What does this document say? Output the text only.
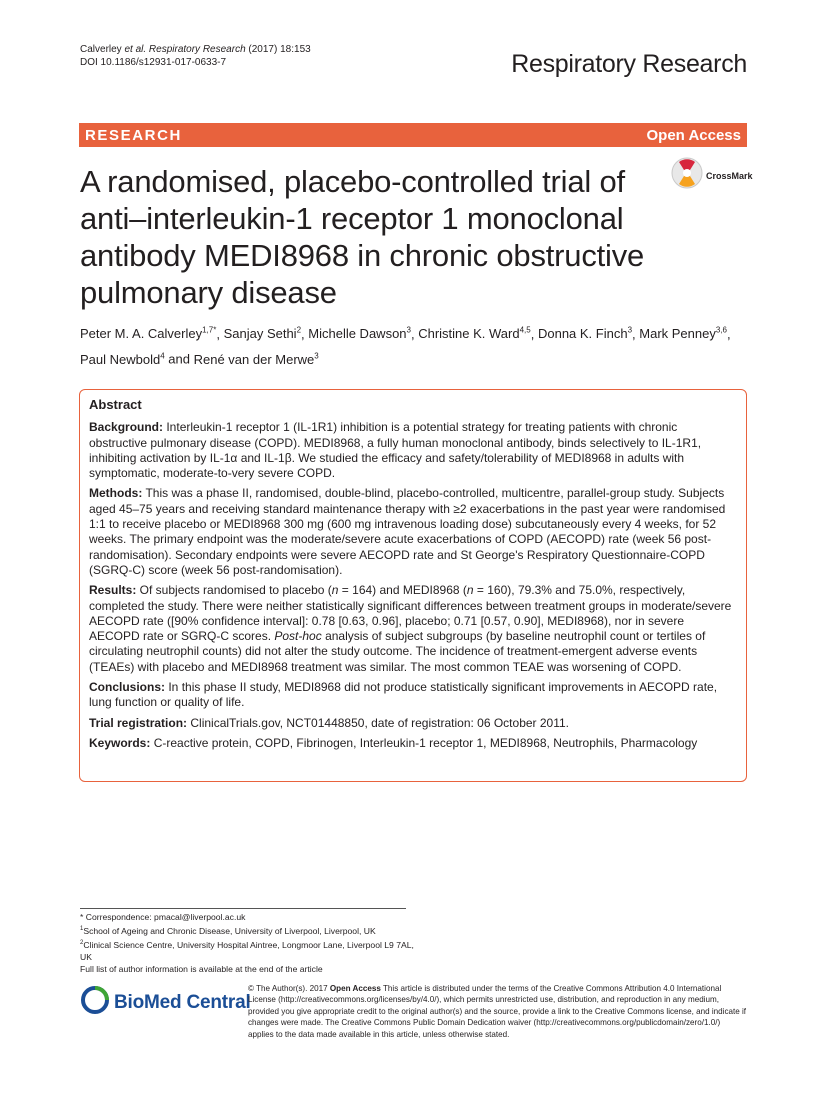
Calverley et al. Respiratory Research (2017) 18:153
DOI 10.1186/s12931-017-0633-7	Respiratory Research
RESEARCH	Open Access
A randomised, placebo-controlled trial of anti–interleukin-1 receptor 1 monoclonal antibody MEDI8968 in chronic obstructive pulmonary disease
CrossMark
Peter M. A. Calverley$^{1,7*}$, Sanjay Sethi$^2$, Michelle Dawson$^3$, Christine K. Ward$^{4,5}$, Donna K. Finch$^3$, Mark Penney$^{3,6}$, Paul Newbold$^4$ and René van der Merwe$^3$
Abstract

Background: Interleukin-1 receptor 1 (IL-1R1) inhibition is a potential strategy for treating patients with chronic obstructive pulmonary disease (COPD). MEDI8968, a fully human monoclonal antibody, binds selectively to IL-1R1, inhibiting activation by IL-1α and IL-1β. We studied the efficacy and safety/tolerability of MEDI8968 in adults with symptomatic, moderate-to-very severe COPD.

Methods: This was a phase II, randomised, double-blind, placebo-controlled, multicentre, parallel-group study. Subjects aged 45–75 years and receiving standard maintenance therapy with ≥2 exacerbations in the past year were randomised 1:1 to receive placebo or MEDI8968 300 mg (600 mg intravenous loading dose) subcutaneously every 4 weeks, for 52 weeks. The primary endpoint was the moderate/severe acute exacerbations of COPD (AECOPD) rate (week 56 post-randomisation). Secondary endpoints were severe AECOPD rate and St George's Respiratory Questionnaire-COPD (SGRQ-C) score (week 56 post-randomisation).

Results: Of subjects randomised to placebo (n = 164) and MEDI8968 (n = 160), 79.3% and 75.0%, respectively, completed the study. There were neither statistically significant differences between treatment groups in moderate/severe AECOPD rate ([90% confidence interval]: 0.78 [0.63, 0.96], placebo; 0.71 [0.57, 0.90], MEDI8968), nor in severe AECOPD rate or SGRQ-C scores. Post-hoc analysis of subject subgroups (by baseline neutrophil count or tertiles of circulating neutrophil counts) did not alter the study outcome. The incidence of treatment-emergent adverse events (TEAEs) with placebo and MEDI8968 treatment was similar. The most common TEAE was worsening of COPD.

Conclusions: In this phase II study, MEDI8968 did not produce statistically significant improvements in AECOPD rate, lung function or quality of life.

Trial registration: ClinicalTrials.gov, NCT01448850, date of registration: 06 October 2011.

Keywords: C-reactive protein, COPD, Fibrinogen, Interleukin-1 receptor 1, MEDI8968, Neutrophils, Pharmacology

* Correspondence: pmacal@liverpool.ac.uk
$^1$School of Ageing and Chronic Disease, University of Liverpool, Liverpool, UK
$^2$Clinical Science Centre, University Hospital Aintree, Longmoor Lane, Liverpool L9 7AL, UK
Full list of author information is available at the end of the article
BioMed Central
© The Author(s). 2017 Open Access This article is distributed under the terms of the Creative Commons Attribution 4.0 International License (http://creativecommons.org/licenses/by/4.0/), which permits unrestricted use, distribution, and reproduction in any medium, provided you give appropriate credit to the original author(s) and the source, provide a link to the Creative Commons license, and indicate if changes were made. The Creative Commons Public Domain Dedication waiver (http://creativecommons.org/publicdomain/zero/1.0/) applies to the data made available in this article, unless otherwise stated.
